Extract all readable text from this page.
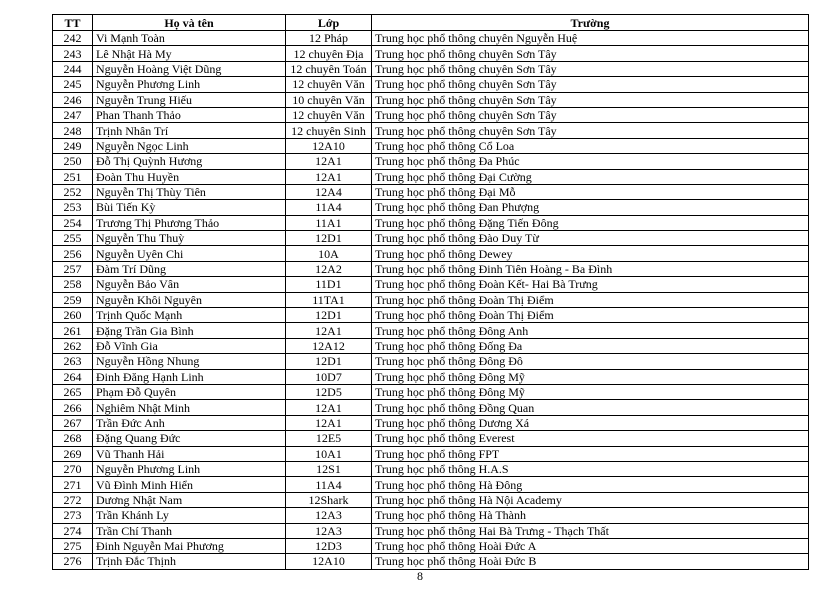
TT	Họ và tên	Lớp	Trường
242	Vi Mạnh Toàn	12 Pháp	Trung học phổ thông chuyên Nguyễn Huệ
243	Lê Nhật Hà My	12 chuyên Địa	Trung học phổ thông chuyên Sơn Tây
244	Nguyễn Hoàng Việt Dũng	12 chuyên Toán	Trung học phổ thông chuyên Sơn Tây
245	Nguyễn Phương Linh	12 chuyên Văn	Trung học phổ thông chuyên Sơn Tây
246	Nguyễn Trung Hiếu	10 chuyên Văn	Trung học phổ thông chuyên Sơn Tây
247	Phan Thanh Thảo	12 chuyên Văn	Trung học phổ thông chuyên Sơn Tây
248	Trịnh Nhân Trí	12 chuyên Sinh	Trung học phổ thông chuyên Sơn Tây
249	Nguyễn Ngọc Linh	12A10	Trung học phổ thông Cổ Loa
250	Đỗ Thị Quỳnh Hương	12A1	Trung học phổ thông Đa Phúc
251	Đoàn Thu Huyền	12A1	Trung học phổ thông Đại Cường
252	Nguyễn Thị Thùy Tiên	12A4	Trung học phổ thông Đại Mỗ
253	Bùi Tiến Kỳ	11A4	Trung học phổ thông Đan Phượng
254	Trương Thị Phương Thảo	11A1	Trung học phổ thông Đặng Tiến Đông
255	Nguyễn Thu Thuỳ	12D1	Trung học phổ thông Đào Duy Từ
256	Nguyễn Uyên Chi	10A	Trung học phổ thông Dewey
257	Đàm Trí Dũng	12A2	Trung học phổ thông Đinh Tiên Hoàng - Ba Đình
258	Nguyễn Bảo Vân	11D1	Trung học phổ thông Đoàn Kết- Hai Bà Trưng
259	Nguyễn Khôi Nguyên	11TA1	Trung học phổ thông Đoàn Thị Điểm
260	Trịnh Quốc Mạnh	12D1	Trung học phổ thông Đoàn Thị Điểm
261	Đặng Trần Gia Bình	12A1	Trung học phổ thông Đông Anh
262	Đỗ Vĩnh Gia	12A12	Trung học phổ thông Đống Đa
263	Nguyễn Hồng Nhung	12D1	Trung học phổ thông Đông Đô
264	Đinh Đăng Hạnh Linh	10D7	Trung học phổ thông Đông Mỹ
265	Phạm Đỗ Quyên	12D5	Trung học phổ thông Đông Mỹ
266	Nghiêm Nhật Minh	12A1	Trung học phổ thông Đồng Quan
267	Trần Đức Anh	12A1	Trung học phổ thông Dương Xá
268	Đặng Quang Đức	12E5	Trung học phổ thông Everest
269	Vũ Thanh Hải	10A1	Trung học phổ thông FPT
270	Nguyễn Phương Linh	12S1	Trung học phổ thông H.A.S
271	Vũ Đình Minh Hiển	11A4	Trung học phổ thông Hà Đông
272	Dương Nhật Nam	12Shark	Trung học phổ thông Hà Nội Academy
273	Trần Khánh Ly	12A3	Trung học phổ thông Hà Thành
274	Trần Chí Thanh	12A3	Trung học phổ thông Hai Bà Trưng - Thạch Thất
275	Đinh Nguyễn Mai Phương	12D3	Trung học phổ thông Hoài Đức A
276	Trịnh Đắc Thịnh	12A10	Trung học phổ thông Hoài Đức B
8
